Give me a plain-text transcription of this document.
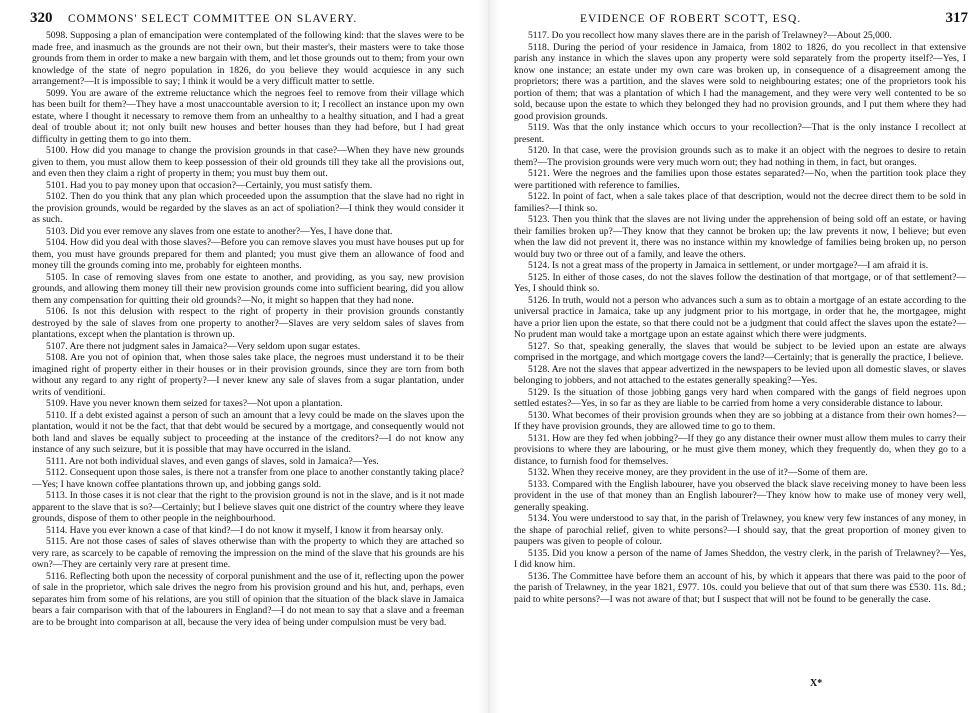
320 COMMONS' SELECT COMMITTEE ON SLAVERY.

5098. Supposing a plan of emancipation were contemplated of the following kind: that the slaves were to be made free, and inasmuch as the grounds are not their own, but their master's, their masters were to take those grounds from them in order to make a new bargain with them, and let those grounds out to them; from your own knowledge of the state of negro population in 1826, do you believe they would acquiesce in any such arrangement?—It is impossible to say; I think it would be a very difficult matter to settle.

5099. You are aware of the extreme reluctance which the negroes feel to remove from their village which has been built for them?—They have a most unaccountable aversion to it; I recollect an instance upon my own estate, where I thought it necessary to remove them from an unhealthy to a healthy situation, and I had a great deal of trouble about it; not only built new houses and better houses than they had before, but I had great difficulty in getting them to go into them.

5100. How did you manage to change the provision grounds in that case?—When they have new grounds given to them, you must allow them to keep possession of their old grounds till they take all the provisions out, and even then they claim a right of property in them; you must buy them out.

5101. Had you to pay money upon that occasion?—Certainly, you must satisfy them.

5102. Then do you think that any plan which proceeded upon the assumption that the slave had no right in the provision grounds, would be regarded by the slaves as an act of spoliation?—I think they would consider it as such.

5103. Did you ever remove any slaves from one estate to another?—Yes, I have done that.

5104. How did you deal with those slaves?—Before you can remove slaves you must have houses put up for them, you must have grounds prepared for them and planted; you must give them an allowance of food and money till the grounds coming into me, probably for eighteen months.

5105. In case of removing slaves from one estate to another, and providing, as you say, new provision grounds, and allowing them money till their new provision grounds come into sufficient bearing, did you allow them any compensation for quitting their old grounds?—No, it might so happen that they had none.

5106. Is not this delusion with respect to the right of property in their provision grounds constantly destroyed by the sale of slaves from one property to another?—Slaves are very seldom sales of slaves from plantations, except when the plantation is thrown up.

5107. Are there not judgment sales in Jamaica?—Very seldom upon sugar estates.

5108. Are you not of opinion that, when those sales take place, the negroes must understand it to be their imagined right of property either in their houses or in their provision grounds, since they are torn from both without any regard to any right of property?—I never knew any sale of slaves from a sugar plantation, under writs of venditioni.

5109. Have you never known them seized for taxes?—Not upon a plantation.

5110. If a debt existed against a person of such an amount that a levy could be made on the slaves upon the plantation, would it not be the fact, that that debt would be secured by a mortgage, and consequently would not both land and slaves be equally subject to proceeding at the instance of the creditors?—I do not know any instance of any such seizure, but it is possible that may have occurred in the island.

5111. Are not both individual slaves, and even gangs of slaves, sold in Jamaica?—Yes.

5112. Consequent upon those sales, is there not a transfer from one place to another constantly taking place?—Yes; I have known coffee plantations thrown up, and jobbing gangs sold.

5113. In those cases it is not clear that the right to the provision ground is not in the slave, and is it not made apparent to the slave that is so?—Certainly; but I believe slaves quit one district of the country where they leave grounds, dispose of them to other people in the neighbourhood.

5114. Have you ever known a case of that kind?—I do not know it myself, I know it from hearsay only.

5115. Are not those cases of sales of slaves otherwise than with the property to which they are attached so very rare, as scarcely to be capable of removing the impression on the mind of the slave that his grounds are his own?—They are certainly very rare at present time.

5116. Reflecting both upon the necessity of corporal punishment and the use of it, reflecting upon the power of sale in the proprietor, which sale drives the negro from his provision ground and his hut, and, perhaps, even separates him from some of his relations, are you still of opinion that the situation of the black slave in Jamaica bears a fair comparison with that of the labourers in England?—I do not mean to say that a slave and a freeman are to be brought into comparison at all, because the very idea of being under compulsion must be very bad.

EVIDENCE OF ROBERT SCOTT, ESQ.	317

5117. Do you recollect how many slaves there are in the parish of Trelawney?—About 25,000.

5118. During the period of your residence in Jamaica, from 1802 to 1826, do you recollect in that extensive parish any instance in which the slaves upon any property were sold separately from the property itself?—Yes, I know one instance; an estate under my own care was broken up, in consequence of a disagreement among the proprietors; there was a partition, and the slaves were sold to neighbouring estates; one of the proprietors took his portion of them; that was a plantation of which I had the management, and they were very well contented to be so sold, because upon the estate to which they belonged they had no provision grounds, and I put them where they had good provision grounds.

5119. Was that the only instance which occurs to your recollection?—That is the only instance I recollect at present.

5120. In that case, were the provision grounds such as to make it an object with the negroes to desire to retain them?—The provision grounds were very much worn out; they had nothing in them, in fact, but oranges.

5121. Were the negroes and the families upon those estates separated?—No, when the partition took place they were partitioned with reference to families.

5122. In point of fact, when a sale takes place of that description, would not the decree direct them to be sold in families?—I think so.

5123. Then you think that the slaves are not living under the apprehension of being sold off an estate, or having their families broken up?—They know that they cannot be broken up; the law prevents it now, I believe; but even when the law did not prevent it, there was no instance within my knowledge of families being broken up, no person would buy two or three out of a family, and leave the others.

5124. Is not a great mass of the property in Jamaica in settlement, or under mortgage?—I am afraid it is.

5125. In either of those cases, do not the slaves follow the destination of that mortgage, or of that settlement?—Yes, I should think so.

5126. In truth, would not a person who advances such a sum as to obtain a mortgage of an estate according to the universal practice in Jamaica, take up any judgment prior to his mortgage, in order that he, the mortgagee, might have a prior lien upon the estate, so that there could not be a judgment that could affect the slaves upon the estate?—No prudent man would take a mortgage upon an estate against which there were judgments.

5127. So that, speaking generally, the slaves that would be subject to be levied upon an estate are always comprised in the mortgage, and which mortgage covers the land?—Certainly; that is generally the practice, I believe.

5128. Are not the slaves that appear advertized in the newspapers to be levied upon all domestic slaves, or slaves belonging to jobbers, and not attached to the estates generally speaking?—Yes.

5129. Is the situation of those jobbing gangs very hard when compared with the gangs of field negroes upon settled estates?—Yes, in so far as they are liable to be carried from home a very considerable distance to labour.

5130. What becomes of their provision grounds when they are so jobbing at a distance from their own homes?—If they have provision grounds, they are allowed time to go to them.

5131. How are they fed when jobbing?—If they go any distance their owner must allow them mules to carry their provisions to where they are labouring, or he must give them money, which they frequently do, when they go to a distance, to furnish food for themselves.

5132. When they receive money, are they provident in the use of it?—Some of them are.

5133. Compared with the English labourer, have you observed the black slave receiving money to have been less provident in the use of that money than an English labourer?—They know how to make use of money very well, generally speaking.

5134. You were understood to say that, in the parish of Trelawney, you knew very few instances of any money, in the shape of parochial relief, given to white persons?—I should say, that the great proportion of money given to paupers was given to people of colour.

5135. Did you know a person of the name of James Sheddon, the vestry clerk, in the parish of Trelawney?—Yes, I did know him.

5136. The Committee have before them an account of his, by which it appears that there was paid to the poor of the parish of Trelawney, in the year 1821, £977. 10s. could you believe that out of that sum there was £530. 11s. 8d.; paid to white persons?—I was not aware of that; but I suspect that will not be found to be generally the case.

X*
